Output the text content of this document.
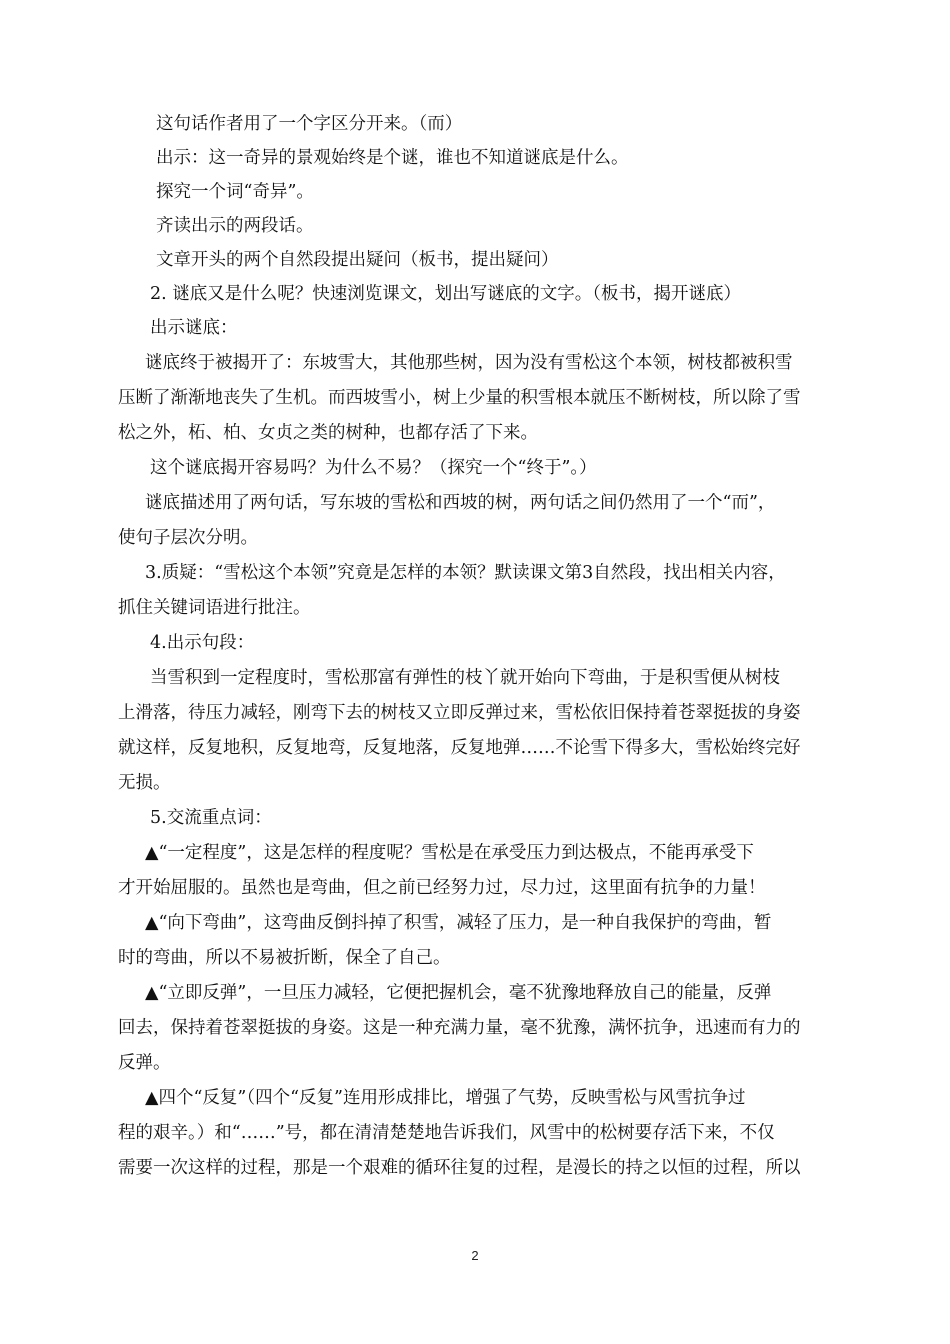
这句话作者用了一个字区分开来。（而）
出示：这一奇异的景观始终是个谜，谁也不知道谜底是什么。
探究一个词“奇异”。
齐读出示的两段话。
文章开头的两个自然段提出疑问（板书，提出疑问）
2. 谜底又是什么呢？快速浏览课文，划出写谜底的文字。（板书，揭开谜底）
出示谜底：
谜底终于被揭开了：东坡雪大，其他那些树，因为没有雪松这个本领，树枝都被积雪
压断了渐渐地丧失了生机。而西坡雪小，树上少量的积雪根本就压不断树枝，所以除了雪
松之外，柘、柏、女贞之类的树种，也都存活了下来。
这个谜底揭开容易吗？为什么不易？（探究一个“终于”。）
谜底描述用了两句话，写东坡的雪松和西坡的树，两句话之间仍然用了一个“而”，
使句子层次分明。
3.质疑：“雪松这个本领”究竟是怎样的本领？默读课文第3自然段，找出相关内容，
抓住关键词语进行批注。
4.出示句段：
当雪积到一定程度时，雪松那富有弹性的枝丫就开始向下弯曲，于是积雪便从树枝
上滑落，待压力减轻，刚弯下去的树枝又立即反弹过来，雪松依旧保持着苍翠挺拔的身姿
就这样，反复地积，反复地弯，反复地落，反复地弹……不论雪下得多大，雪松始终完好
无损。
5.交流重点词：
▲“一定程度”，这是怎样的程度呢？雪松是在承受压力到达极点，不能再承受下
才开始屈服的。虽然也是弯曲，但之前已经努力过，尽力过，这里面有抗争的力量！
▲“向下弯曲”，这弯曲反倒抖掉了积雪，减轻了压力，是一种自我保护的弯曲，暂
时的弯曲，所以不易被折断，保全了自己。
▲“立即反弹”，一旦压力减轻，它便把握机会，毫不犹豫地释放自己的能量，反弹
回去，保持着苍翠挺拔的身姿。这是一种充满力量，毫不犹豫，满怀抗争，迅速而有力的
反弹。
▲四个“反复”（四个“反复”连用形成排比，增强了气势，反映雪松与风雪抗争过
程的艰辛。）和“……”号，都在清清楚楚地告诉我们，风雪中的松树要存活下来，不仅
需要一次这样的过程，那是一个艰难的循环往复的过程，是漫长的持之以恒的过程，所以
2
